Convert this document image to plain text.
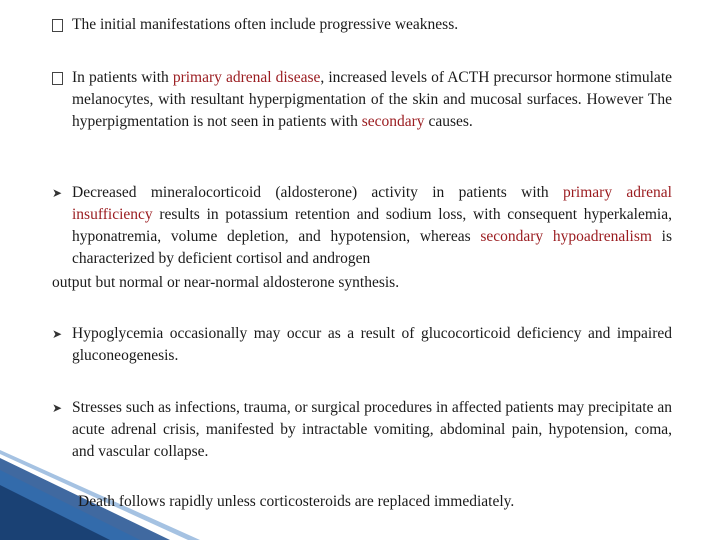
The initial manifestations often include progressive weakness.
In patients with primary adrenal disease, increased levels of ACTH precursor hormone stimulate melanocytes, with resultant hyperpigmentation of the skin and mucosal surfaces. However The hyperpigmentation is not seen in patients with secondary causes.
➤ Decreased mineralocorticoid (aldosterone) activity in patients with primary adrenal insufficiency results in potassium retention and sodium loss, with consequent hyperkalemia, hyponatremia, volume depletion, and hypotension, whereas secondary hypoadrenalism is characterized by deficient cortisol and androgen
output but normal or near-normal aldosterone synthesis.
➤ Hypoglycemia occasionally may occur as a result of glucocorticoid deficiency and impaired gluconeogenesis.
➤ Stresses such as infections, trauma, or surgical procedures in affected patients may precipitate an acute adrenal crisis, manifested by intractable vomiting, abdominal pain, hypotension, coma, and vascular collapse.
Death follows rapidly unless corticosteroids are replaced immediately.
